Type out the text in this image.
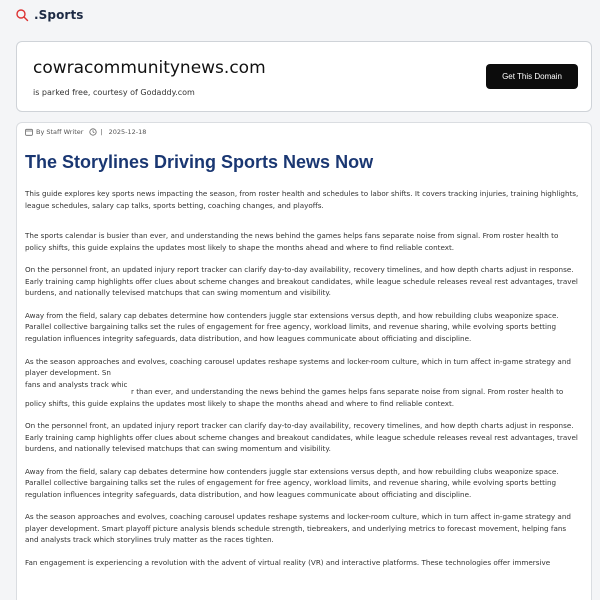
.Sports
cowracommunitynews.com
is parked free, courtesy of Godaddy.com
Get This Domain
By Staff Writer	| 2025-12-18
The Storylines Driving Sports News Now

This guide explores key sports news impacting the season, from roster health and schedules to labor shifts. It covers tracking injuries, training highlights, league schedules, salary cap talks, sports betting, coaching changes, and playoffs.

The sports calendar is busier than ever, and understanding the news behind the games helps fans separate noise from signal. From roster health to policy shifts, this guide explains the updates most likely to shape the months ahead and where to find reliable context.

On the personnel front, an updated injury report tracker can clarify day-to-day availability, recovery timelines, and how depth charts adjust in response. Early training camp highlights offer clues about scheme changes and breakout candidates, while league schedule releases reveal rest advantages, travel burdens, and nationally televised matchups that can swing momentum and visibility.

Away from the field, salary cap debates determine how contenders juggle star extensions versus depth, and how rebuilding clubs weaponize space. Parallel collective bargaining talks set the rules of engagement for free agency, workload limits, and revenue sharing, while evolving sports betting regulation influences integrity safeguards, data distribution, and how leagues communicate about officiating and discipline.

As the season approaches and evolves, coaching carousel updates reshape systems and locker-room culture, which in turn affect in-game strategy and player development. Sn

fans and analysts track whic

r than ever, and understanding the news behind the games helps fans separate noise from signal. From roster health to policy shifts, this guide explains the updates most likely to shape the months ahead and where to find reliable context.

On the personnel front, an updated injury report tracker can clarify day-to-day availability, recovery timelines, and how depth charts adjust in response. Early training camp highlights offer clues about scheme changes and breakout candidates, while league schedule releases reveal rest advantages, travel burdens, and nationally televised matchups that can swing momentum and visibility.

Away from the field, salary cap debates determine how contenders juggle star extensions versus depth, and how rebuilding clubs weaponize space. Parallel collective bargaining talks set the rules of engagement for free agency, workload limits, and revenue sharing, while evolving sports betting regulation influences integrity safeguards, data distribution, and how leagues communicate about officiating and discipline.

As the season approaches and evolves, coaching carousel updates reshape systems and locker-room culture, which in turn affect in-game strategy and player development. Smart playoff picture analysis blends schedule strength, tiebreakers, and underlying metrics to forecast movement, helping fans and analysts track which storylines truly matter as the races tighten.

Fan engagement is experiencing a revolution with the advent of virtual reality (VR) and interactive platforms. These technologies offer immersive
